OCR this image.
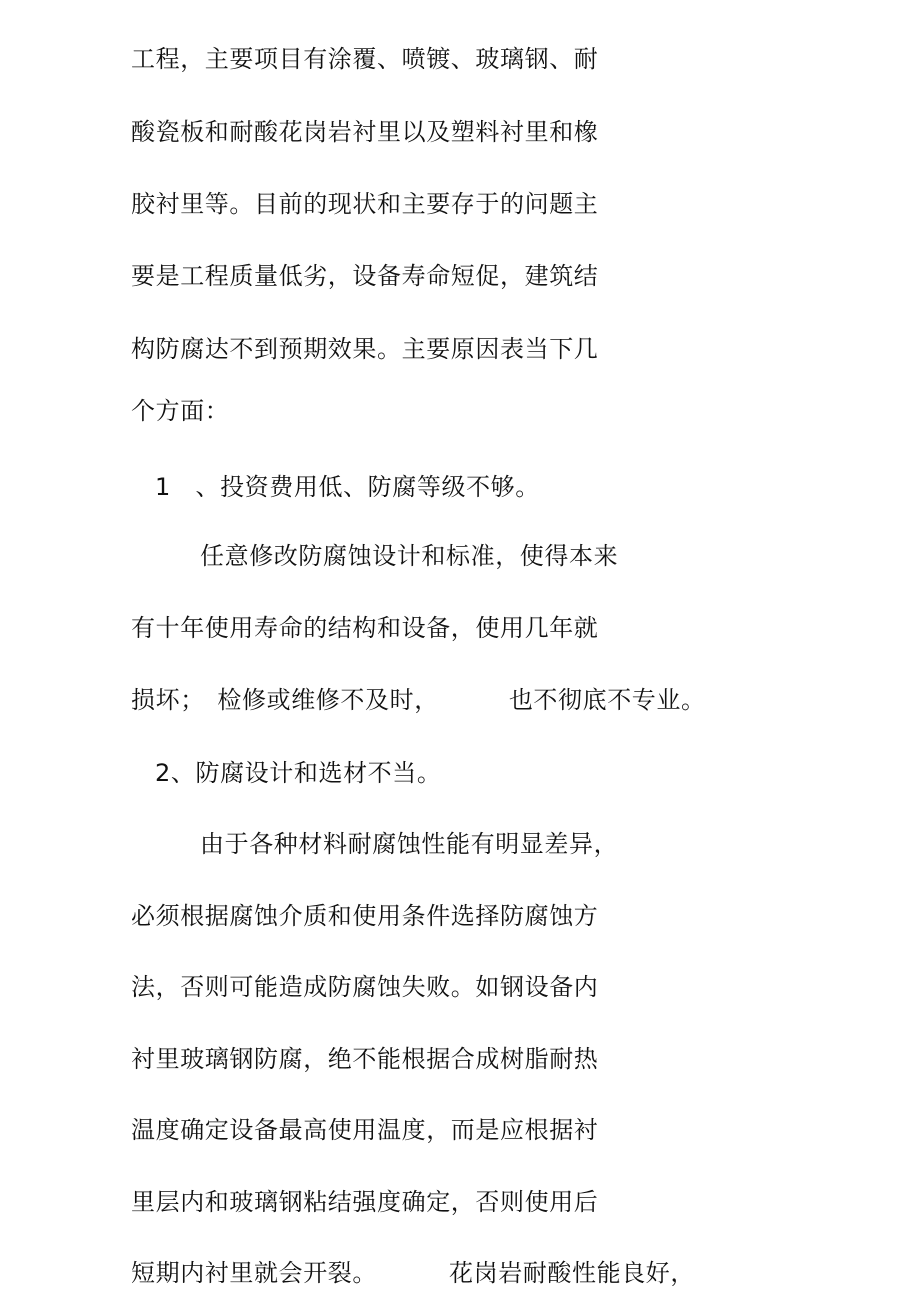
工程，主要项目有涂覆、喷镀、玻璃钢、耐
酸瓷板和耐酸花岗岩衬里以及塑料衬里和橡
胶衬里等。目前的现状和主要存于的问题主
要是工程质量低劣，设备寿命短促，建筑结
构防腐达不到预期效果。主要原因表当下几
个方面：
1　、投资费用低、防腐等级不够。
任意修改防腐蚀设计和标准，使得本来
有十年使用寿命的结构和设备，使用几年就
损坏；　检修或维修不及时，	也不彻底不专业。
2、防腐设计和选材不当。
由于各种材料耐腐蚀性能有明显差异，
必须根据腐蚀介质和使用条件选择防腐蚀方
法，否则可能造成防腐蚀失败。如钢设备内
衬里玻璃钢防腐，绝不能根据合成树脂耐热
温度确定设备最高使用温度，而是应根据衬
里层内和玻璃钢粘结强度确定，否则使用后
短期内衬里就会开裂。	花岗岩耐酸性能良好，
